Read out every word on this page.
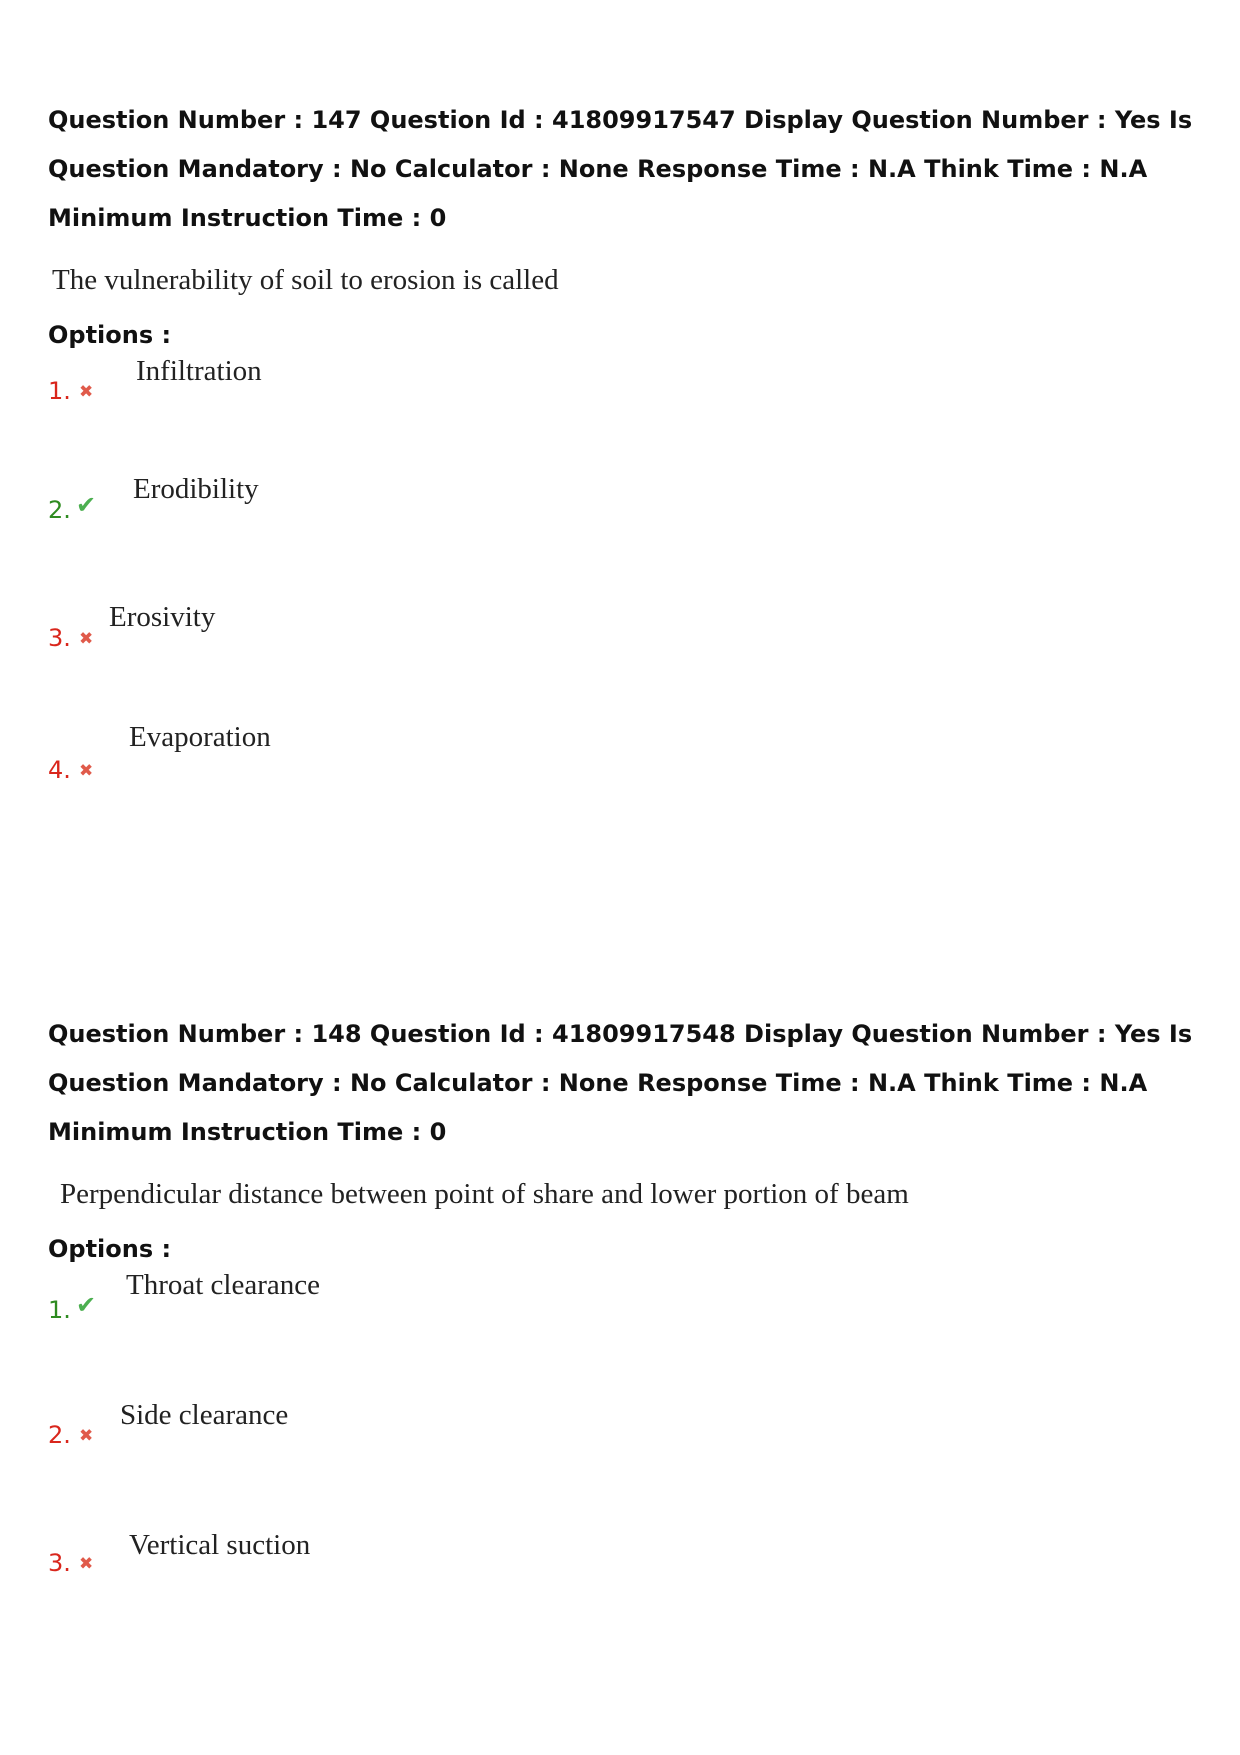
Question Number : 147 Question Id : 41809917547 Display Question Number : Yes Is Question Mandatory : No Calculator : None Response Time : N.A Think Time : N.A Minimum Instruction Time : 0

The vulnerability of soil to erosion is called
Options :
1. ✖
Infiltration
2. ✔ Erodibility
3. ✖
Erosivity
4. ✖
Evaporation

Question Number : 148 Question Id : 41809917548 Display Question Number : Yes Is Question Mandatory : No Calculator : None Response Time : N.A Think Time : N.A Minimum Instruction Time : 0

Perpendicular distance between point of share and lower portion of beam
Options :
1. ✔
Throat clearance
2. ✖
Side clearance
3. ✖
Vertical suction
